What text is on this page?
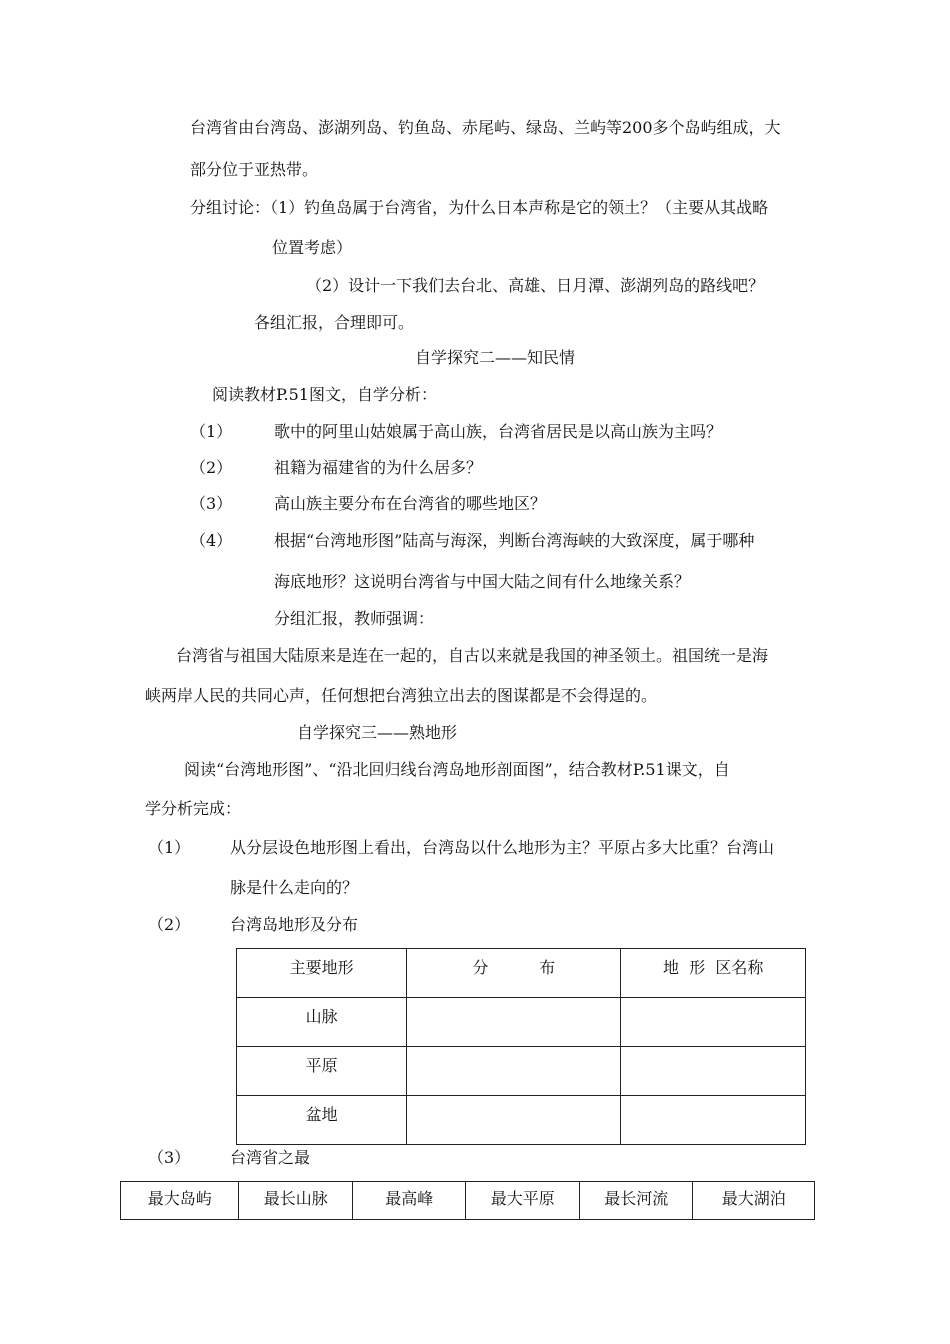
台湾省由台湾岛、澎湖列岛、钓鱼岛、赤尾屿、绿岛、兰屿等200多个岛屿组成，大
部分位于亚热带。
分组讨论：（1）钓鱼岛属于台湾省，为什么日本声称是它的领土？（主要从其战略
位置考虑）
（2）设计一下我们去台北、高雄、日月潭、澎湖列岛的路线吧？
各组汇报，合理即可。
自学探究二——知民情
阅读教材P.51图文，自学分析：
（1）	歌中的阿里山姑娘属于高山族，台湾省居民是以高山族为主吗？
（2）	祖籍为福建省的为什么居多？
（3）	高山族主要分布在台湾省的哪些地区？
（4）	根据“台湾地形图”陆高与海深，判断台湾海峡的大致深度，属于哪种
海底地形？这说明台湾省与中国大陆之间有什么地缘关系？
分组汇报，教师强调：
台湾省与祖国大陆原来是连在一起的，自古以来就是我国的神圣领土。祖国统一是海
峡两岸人民的共同心声，任何想把台湾独立出去的图谋都是不会得逞的。
自学探究三——熟地形
阅读“台湾地形图”、“沿北回归线台湾岛地形剖面图”，结合教材P.51课文，自
学分析完成：
（1） 从分层设色地形图上看出，台湾岛以什么地形为主？平原占多大比重？台湾山
脉是什么走向的？
（2） 台湾岛地形及分布
主要地形	分          布	地  形  区名称

山脉		

平原		

盆地		

（3） 台湾省之最
最大岛屿	最长山脉	最高峰	最大平原	最长河流	最大湖泊
